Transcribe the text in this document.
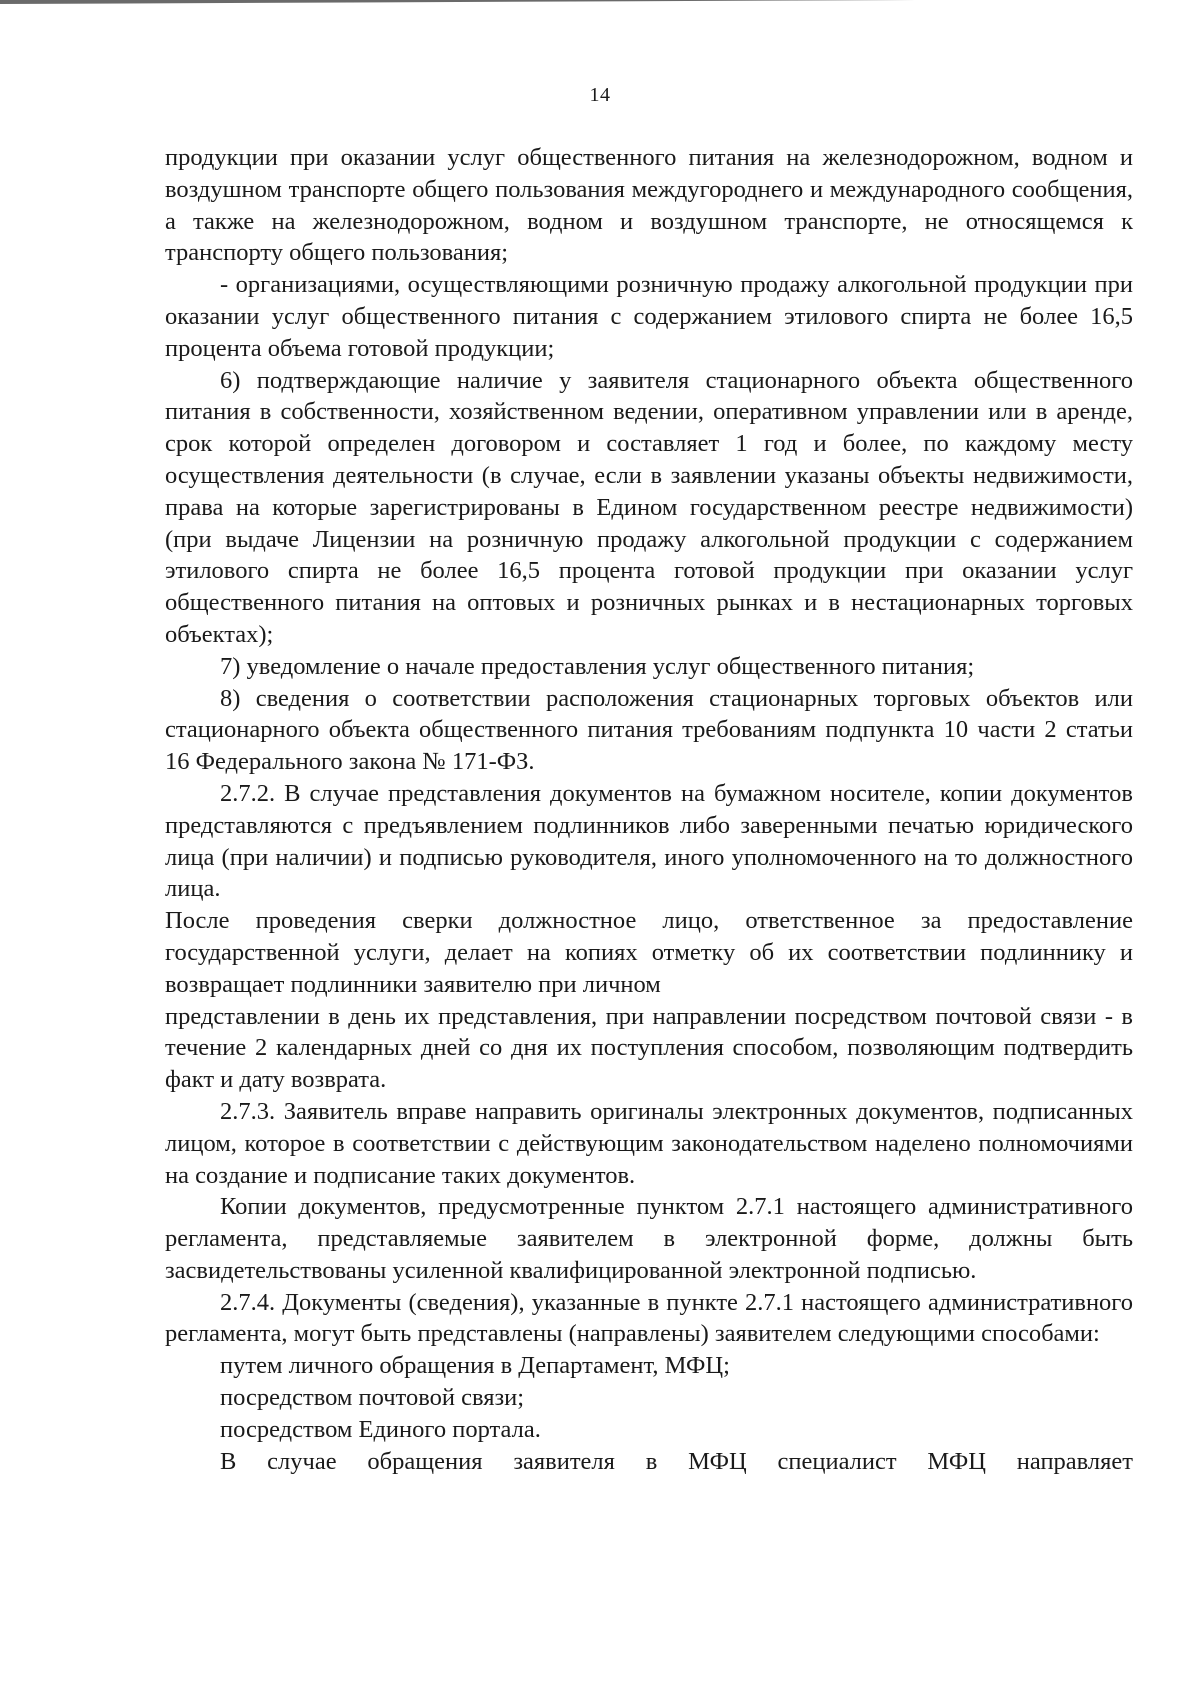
14

продукции при оказании услуг общественного питания на железнодорожном, водном и воздушном транспорте общего пользования междугороднего и международного сообщения, а также на железнодорожном, водном и воздушном транспорте, не относящемся к транспорту общего пользования;

- организациями, осуществляющими розничную продажу алкогольной продукции при оказании услуг общественного питания с содержанием этилового спирта не более 16,5 процента объема готовой продукции;

6) подтверждающие наличие у заявителя стационарного объекта общественного питания в собственности, хозяйственном ведении, оперативном управлении или в аренде, срок которой определен договором и составляет 1 год и более, по каждому месту осуществления деятельности (в случае, если в заявлении указаны объекты недвижимости, права на которые зарегистрированы в Едином государственном реестре недвижимости) (при выдаче Лицензии на розничную продажу алкогольной продукции с содержанием этилового спирта не более 16,5 процента готовой продукции при оказании услуг общественного питания на оптовых и розничных рынках и в нестационарных торговых объектах);

7) уведомление о начале предоставления услуг общественного питания;

8) сведения о соответствии расположения стационарных торговых объектов или стационарного объекта общественного питания требованиям подпункта 10 части 2 статьи 16 Федерального закона № 171-ФЗ.

2.7.2. В случае представления документов на бумажном носителе, копии документов представляются с предъявлением подлинников либо заверенными печатью юридического лица (при наличии) и подписью руководителя, иного уполномоченного на то должностного лица.

После проведения сверки должностное лицо, ответственное за предоставление государственной услуги, делает на копиях отметку об их соответствии подлиннику и возвращает подлинники заявителю при личном

представлении в день их представления, при направлении посредством почтовой связи - в течение 2 календарных дней со дня их поступления способом, позволяющим подтвердить факт и дату возврата.

2.7.3. Заявитель вправе направить оригиналы электронных документов, подписанных лицом, которое в соответствии с действующим законодательством наделено полномочиями на создание и подписание таких документов.

Копии документов, предусмотренные пунктом 2.7.1 настоящего административного регламента, представляемые заявителем в электронной форме, должны быть засвидетельствованы усиленной квалифицированной электронной подписью.

2.7.4. Документы (сведения), указанные в пункте 2.7.1 настоящего административного регламента, могут быть представлены (направлены) заявителем следующими способами:

путем личного обращения в Департамент, МФЦ;

посредством почтовой связи;

посредством Единого портала.

В случае обращения заявителя в МФЦ специалист МФЦ направляет
